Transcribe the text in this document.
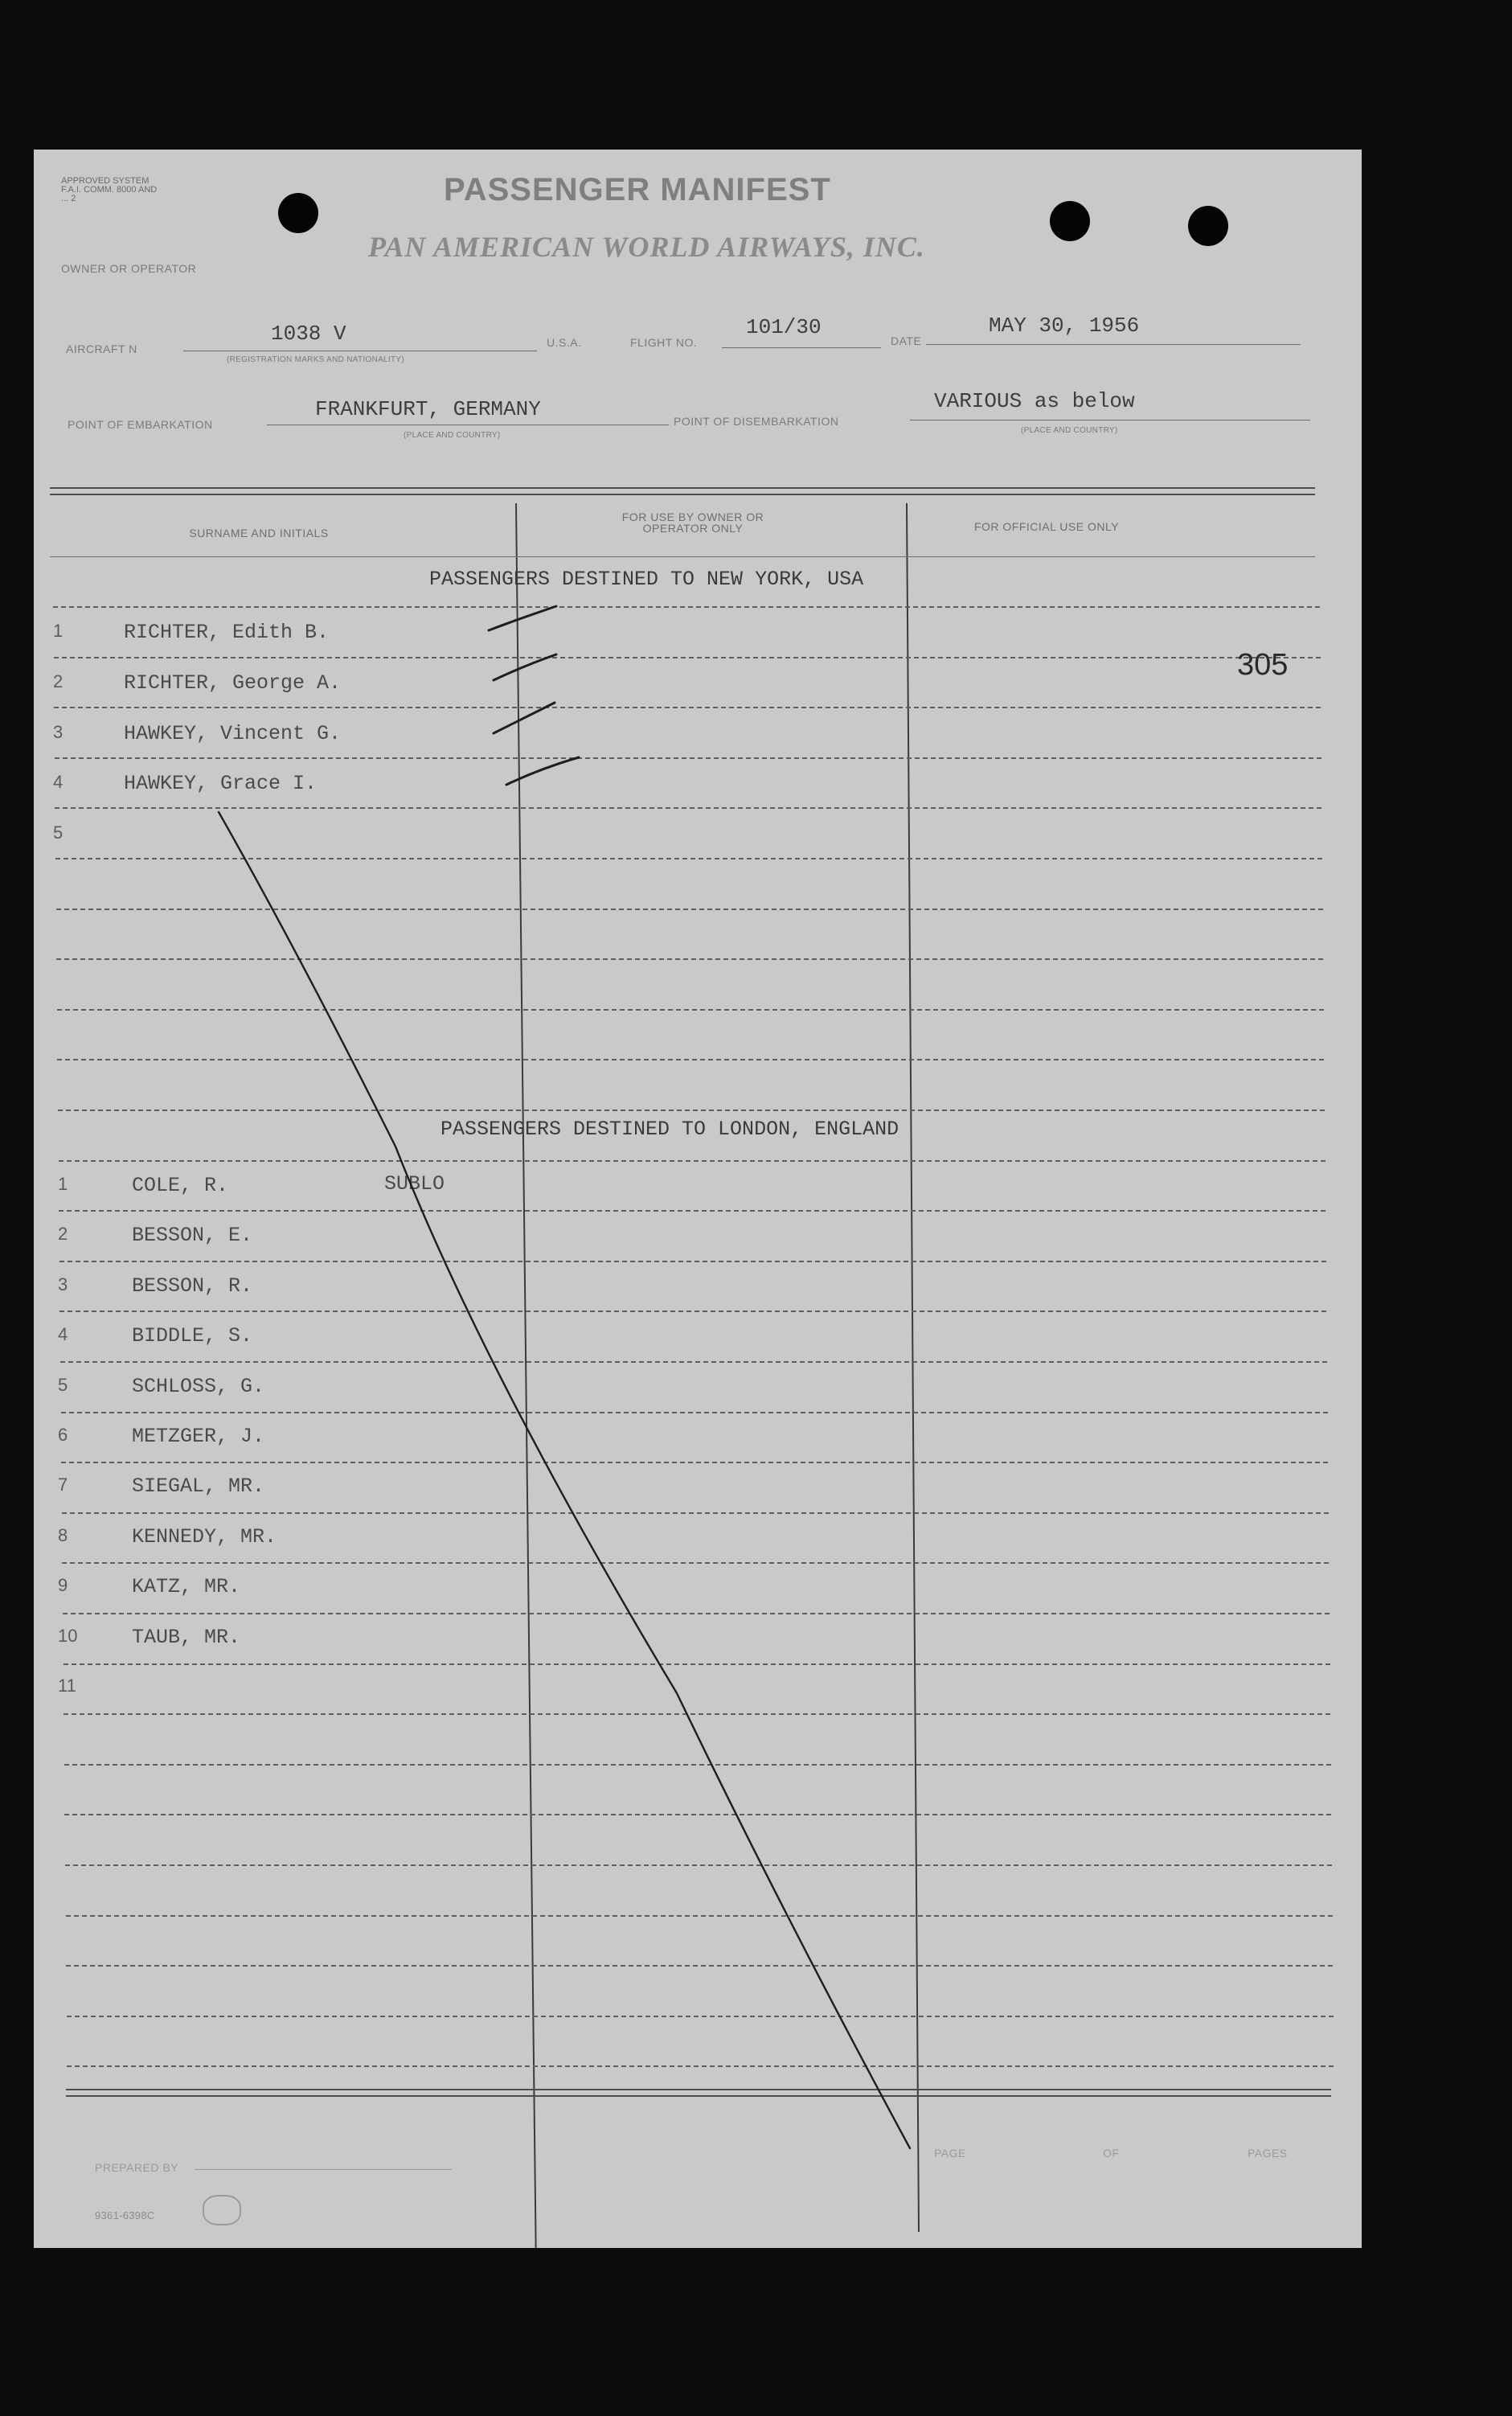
APPROVED SYSTEM F.A.I. COMM. 8000 AND ... 2	PASSENGER MANIFEST
PAN AMERICAN WORLD AIRWAYS, INC.
OWNER OR OPERATOR
AIRCRAFT N
1038 V
(REGISTRATION MARKS AND NATIONALITY)
U.S.A.	FLIGHT NO.
101/30
DATE
MAY 30, 1956
POINT OF EMBARKATION
FRANKFURT, GERMANY
(PLACE AND COUNTRY)
POINT OF DISEMBARKATION
VARIOUS as below
(PLACE AND COUNTRY)
SURNAME AND INITIALS
FOR USE BY OWNER OR OPERATOR ONLY	FOR OFFICIAL USE ONLY
PASSENGERS DESTINED TO NEW YORK, USA
1	RICHTER, Edith B.
2	RICHTER, George A.
3	HAWKEY, Vincent G.
4	HAWKEY, Grace I.
5
305
PASSENGERS DESTINED TO LONDON, ENGLAND
1	COLE, R.
2	BESSON, E.
3	BESSON, R.
4	BIDDLE, S.
5	SCHLOSS, G.
6	METZGER, J.
7	SIEGAL, MR.
8	KENNEDY, MR.
9	KATZ, MR.
10	TAUB, MR.
11
SUBLO
PREPARED BY
PAGE	OF	PAGES
9361-6398C
